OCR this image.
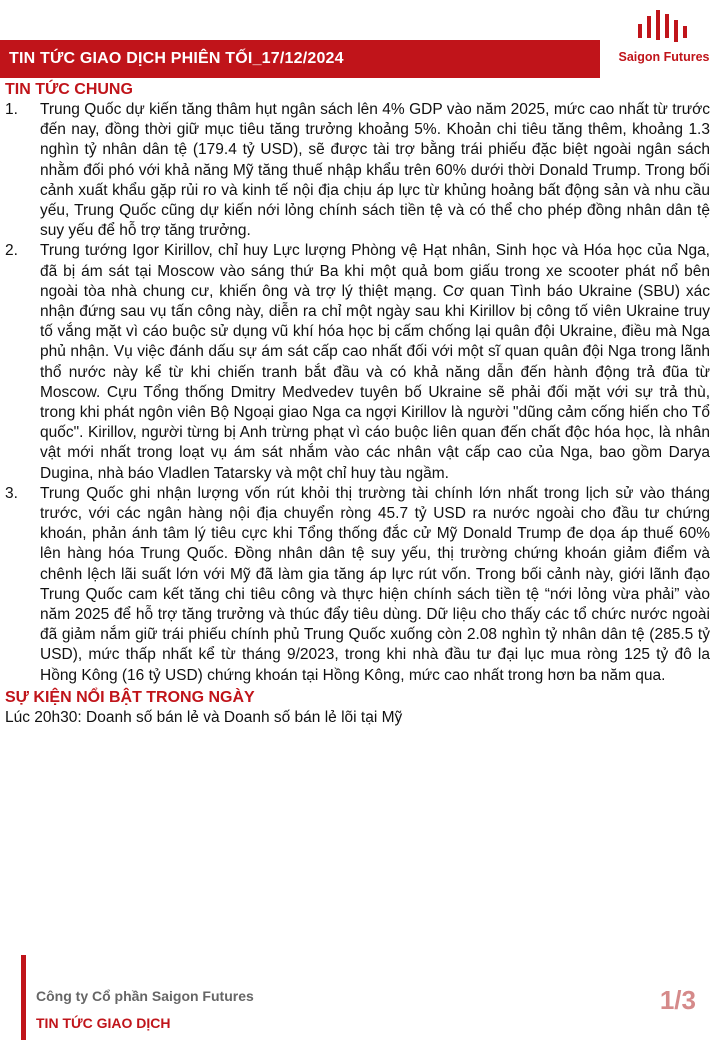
TIN TỨC GIAO DỊCH PHIÊN TỐI_17/12/2024	Saigon Futures
TIN TỨC CHUNG
1. Trung Quốc dự kiến tăng thâm hụt ngân sách lên 4% GDP vào năm 2025, mức cao nhất từ trước đến nay, đồng thời giữ mục tiêu tăng trưởng khoảng 5%. Khoản chi tiêu tăng thêm, khoảng 1.3 nghìn tỷ nhân dân tệ (179.4 tỷ USD), sẽ được tài trợ bằng trái phiếu đặc biệt ngoài ngân sách nhằm đối phó với khả năng Mỹ tăng thuế nhập khẩu trên 60% dưới thời Donald Trump. Trong bối cảnh xuất khẩu gặp rủi ro và kinh tế nội địa chịu áp lực từ khủng hoảng bất động sản và nhu cầu yếu, Trung Quốc cũng dự kiến nới lỏng chính sách tiền tệ và có thể cho phép đồng nhân dân tệ suy yếu để hỗ trợ tăng trưởng.

2. Trung tướng Igor Kirillov, chỉ huy Lực lượng Phòng vệ Hạt nhân, Sinh học và Hóa học của Nga, đã bị ám sát tại Moscow vào sáng thứ Ba khi một quả bom giấu trong xe scooter phát nổ bên ngoài tòa nhà chung cư, khiến ông và trợ lý thiệt mạng. Cơ quan Tình báo Ukraine (SBU) xác nhận đứng sau vụ tấn công này, diễn ra chỉ một ngày sau khi Kirillov bị công tố viên Ukraine truy tố vắng mặt vì cáo buộc sử dụng vũ khí hóa học bị cấm chống lại quân đội Ukraine, điều mà Nga phủ nhận. Vụ việc đánh dấu sự ám sát cấp cao nhất đối với một sĩ quan quân đội Nga trong lãnh thổ nước này kể từ khi chiến tranh bắt đầu và có khả năng dẫn đến hành động trả đũa từ Moscow. Cựu Tổng thống Dmitry Medvedev tuyên bố Ukraine sẽ phải đối mặt với sự trả thù, trong khi phát ngôn viên Bộ Ngoại giao Nga ca ngợi Kirillov là người "dũng cảm cống hiến cho Tổ quốc". Kirillov, người từng bị Anh trừng phạt vì cáo buộc liên quan đến chất độc hóa học, là nhân vật mới nhất trong loạt vụ ám sát nhắm vào các nhân vật cấp cao của Nga, bao gồm Darya Dugina, nhà báo Vladlen Tatarsky và một chỉ huy tàu ngầm.

3. Trung Quốc ghi nhận lượng vốn rút khỏi thị trường tài chính lớn nhất trong lịch sử vào tháng trước, với các ngân hàng nội địa chuyển ròng 45.7 tỷ USD ra nước ngoài cho đầu tư chứng khoán, phản ánh tâm lý tiêu cực khi Tổng thống đắc cử Mỹ Donald Trump đe dọa áp thuế 60% lên hàng hóa Trung Quốc. Đồng nhân dân tệ suy yếu, thị trường chứng khoán giảm điểm và chênh lệch lãi suất lớn với Mỹ đã làm gia tăng áp lực rút vốn. Trong bối cảnh này, giới lãnh đạo Trung Quốc cam kết tăng chi tiêu công và thực hiện chính sách tiền tệ “nới lỏng vừa phải” vào năm 2025 để hỗ trợ tăng trưởng và thúc đẩy tiêu dùng. Dữ liệu cho thấy các tổ chức nước ngoài đã giảm nắm giữ trái phiếu chính phủ Trung Quốc xuống còn 2.08 nghìn tỷ nhân dân tệ (285.5 tỷ USD), mức thấp nhất kể từ tháng 9/2023, trong khi nhà đầu tư đại lục mua ròng 125 tỷ đô la Hồng Kông (16 tỷ USD) chứng khoán tại Hồng Kông, mức cao nhất trong hơn ba năm qua.

SỰ KIỆN NỔI BẬT TRONG NGÀY

Lúc 20h30: Doanh số bán lẻ và Doanh số bán lẻ lõi tại Mỹ

Công ty Cổ phần Saigon Futures
TIN TỨC GIAO DỊCH
1/3
